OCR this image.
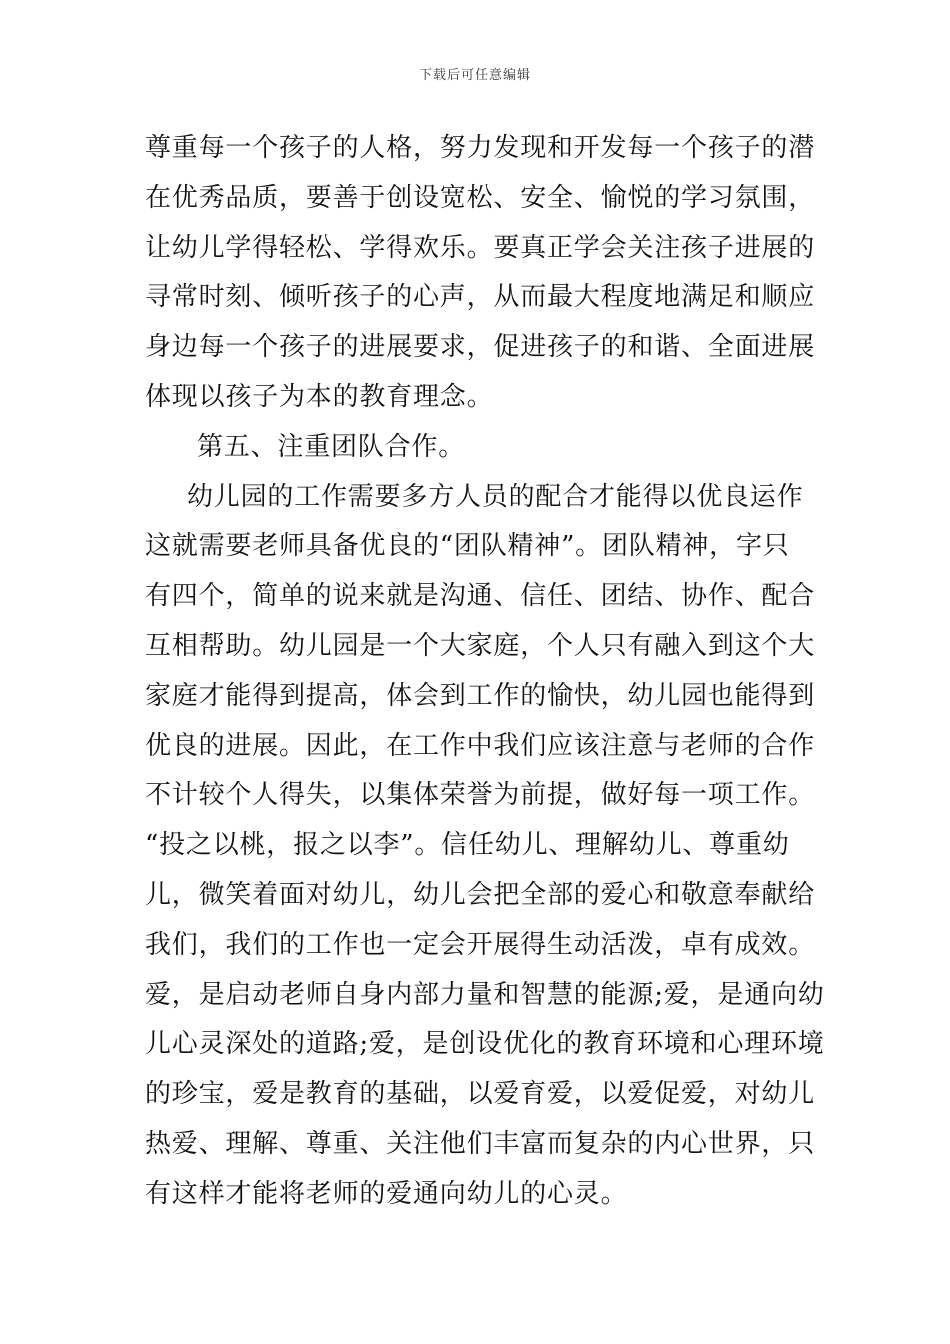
下载后可任意编辑
尊重每一个孩子的人格，努力发现和开发每一个孩子的潜
在优秀品质，要善于创设宽松、安全、愉悦的学习氛围，
让幼儿学得轻松、学得欢乐。要真正学会关注孩子进展的
寻常时刻、倾听孩子的心声，从而最大程度地满足和顺应
身边每一个孩子的进展要求，促进孩子的和谐、全面进展
体现以孩子为本的教育理念。
第五、注重团队合作。
幼儿园的工作需要多方人员的配合才能得以优良运作
这就需要老师具备优良的“团队精神”。团队精神，字只
有四个，简单的说来就是沟通、信任、团结、协作、配合
互相帮助。幼儿园是一个大家庭，个人只有融入到这个大
家庭才能得到提高，体会到工作的愉快，幼儿园也能得到
优良的进展。因此，在工作中我们应该注意与老师的合作
不计较个人得失，以集体荣誉为前提，做好每一项工作。
“投之以桃，报之以李”。信任幼儿、理解幼儿、尊重幼
儿，微笑着面对幼儿，幼儿会把全部的爱心和敬意奉献给
我们，我们的工作也一定会开展得生动活泼，卓有成效。
爱，是启动老师自身内部力量和智慧的能源;爱，是通向幼
儿心灵深处的道路;爱，是创设优化的教育环境和心理环境
的珍宝，爱是教育的基础，以爱育爱，以爱促爱，对幼儿
热爱、理解、尊重、关注他们丰富而复杂的内心世界，只
有这样才能将老师的爱通向幼儿的心灵。
